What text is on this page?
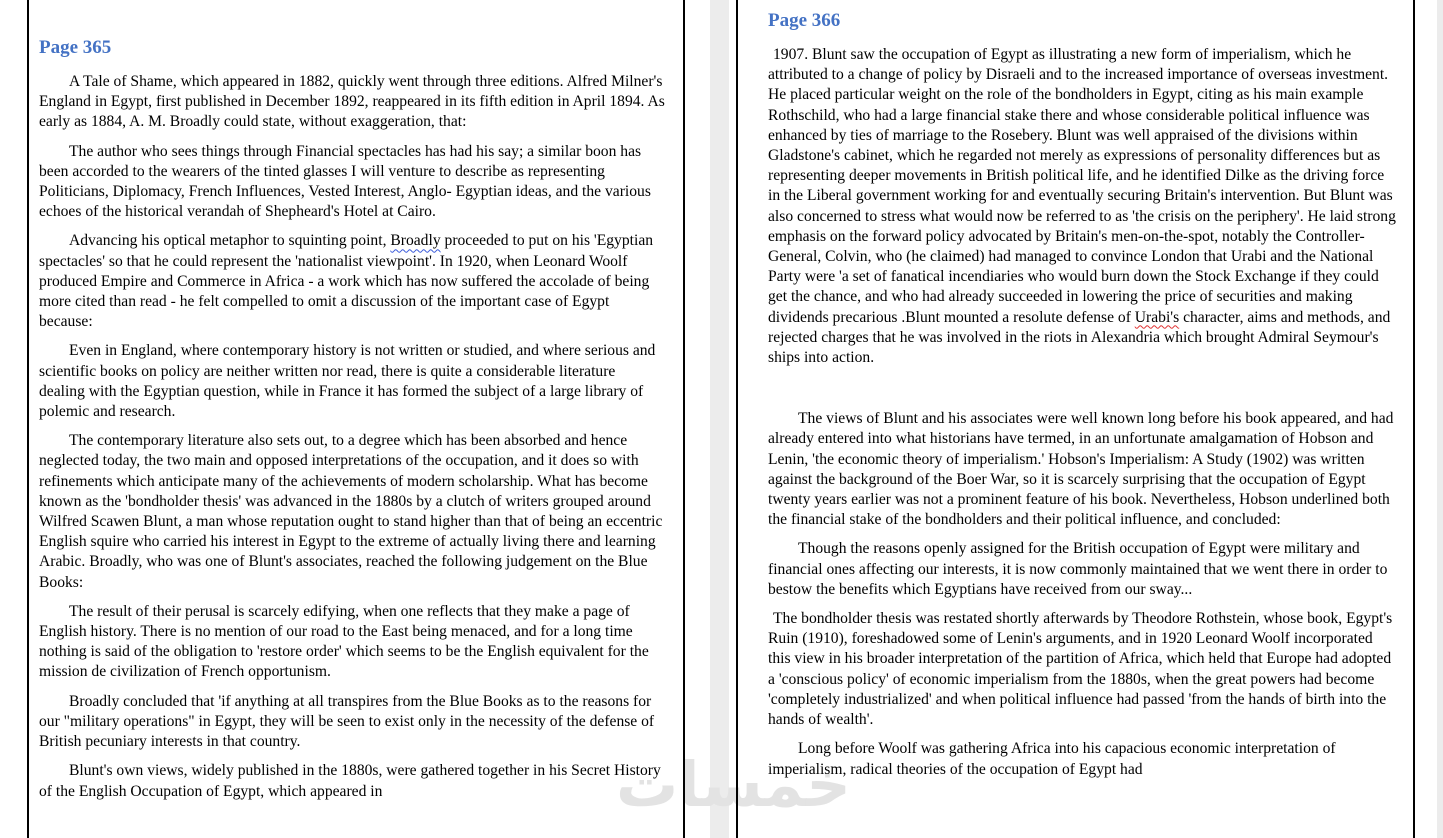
خمسات
Page 365

A Tale of Shame, which appeared in 1882, quickly went through three editions. Alfred Milner's England in Egypt, first published in December 1892, reappeared in its fifth edition in April 1894. As early as 1884, A. M. Broadly could state, without exaggeration, that:

The author who sees things through Financial spectacles has had his say; a similar boon has been accorded to the wearers of the tinted glasses I will venture to describe as representing Politicians, Diplomacy, French Influences, Vested Interest, Anglo- Egyptian ideas, and the various echoes of the historical verandah of Shepheard's Hotel at Cairo.

Advancing his optical metaphor to squinting point, Broadly proceeded to put on his 'Egyptian spectacles' so that he could represent the 'nationalist viewpoint'. In 1920, when Leonard Woolf produced Empire and Commerce in Africa - a work which has now suffered the accolade of being more cited than read - he felt compelled to omit a discussion of the important case of Egypt because:

Even in England, where contemporary history is not written or studied, and where serious and scientific books on policy are neither written nor read, there is quite a considerable literature dealing with the Egyptian question, while in France it has formed the subject of a large library of polemic and research.

The contemporary literature also sets out, to a degree which has been absorbed and hence neglected today, the two main and opposed interpretations of the occupation, and it does so with refinements which anticipate many of the achievements of modern scholarship. What has become known as the 'bondholder thesis' was advanced in the 1880s by a clutch of writers grouped around Wilfred Scawen Blunt, a man whose reputation ought to stand higher than that of being an eccentric English squire who carried his interest in Egypt to the extreme of actually living there and learning Arabic. Broadly, who was one of Blunt's associates, reached the following judgement on the Blue Books:

The result of their perusal is scarcely edifying, when one reflects that they make a page of English history. There is no mention of our road to the East being menaced, and for a long time nothing is said of the obligation to 'restore order' which seems to be the English equivalent for the mission de civilization of French opportunism.

Broadly concluded that 'if anything at all transpires from the Blue Books as to the reasons for our "military operations" in Egypt, they will be seen to exist only in the necessity of the defense of British pecuniary interests in that country.

Blunt's own views, widely published in the 1880s, were gathered together in his Secret History of the English Occupation of Egypt, which appeared in

Page 366

1907. Blunt saw the occupation of Egypt as illustrating a new form of imperialism, which he attributed to a change of policy by Disraeli and to the increased importance of overseas investment. He placed particular weight on the role of the bondholders in Egypt, citing as his main example Rothschild, who had a large financial stake there and whose considerable political influence was enhanced by ties of marriage to the Rosebery. Blunt was well appraised of the divisions within Gladstone's cabinet, which he regarded not merely as expressions of personality differences but as representing deeper movements in British political life, and he identified Dilke as the driving force in the Liberal government working for and eventually securing Britain's intervention. But Blunt was also concerned to stress what would now be referred to as 'the crisis on the periphery'. He laid strong emphasis on the forward policy advocated by Britain's men-on-the-spot, notably the Controller-General, Colvin, who (he claimed) had managed to convince London that Urabi and the National Party were 'a set of fanatical incendiaries who would burn down the Stock Exchange if they could get the chance, and who had already succeeded in lowering the price of securities and making dividends precarious .Blunt mounted a resolute defense of Urabi's character, aims and methods, and rejected charges that he was involved in the riots in Alexandria which brought Admiral Seymour's ships into action.

The views of Blunt and his associates were well known long before his book appeared, and had already entered into what historians have termed, in an unfortunate amalgamation of Hobson and Lenin, 'the economic theory of imperialism.' Hobson's Imperialism: A Study (1902) was written against the background of the Boer War, so it is scarcely surprising that the occupation of Egypt twenty years earlier was not a prominent feature of his book. Nevertheless, Hobson underlined both the financial stake of the bondholders and their political influence, and concluded:

Though the reasons openly assigned for the British occupation of Egypt were military and financial ones affecting our interests, it is now commonly maintained that we went there in order to bestow the benefits which Egyptians have received from our sway...

The bondholder thesis was restated shortly afterwards by Theodore Rothstein, whose book, Egypt's Ruin (1910), foreshadowed some of Lenin's arguments, and in 1920 Leonard Woolf incorporated this view in his broader interpretation of the partition of Africa, which held that Europe had adopted a 'conscious policy' of economic imperialism from the 1880s, when the great powers had become 'completely industrialized' and when political influence had passed 'from the hands of birth into the hands of wealth'.

Long before Woolf was gathering Africa into his capacious economic interpretation of imperialism, radical theories of the occupation of Egypt had
